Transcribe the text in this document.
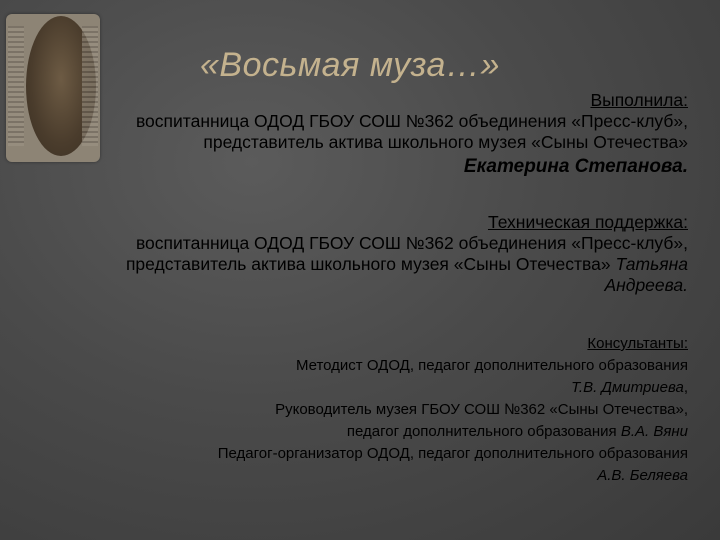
«Восьмая муза…»
Выполнила:
воспитанница ОДОД ГБОУ СОШ №362 объединения «Пресс-клуб»,
представитель актива школьного музея «Сыны Отечества»
Екатерина Степанова.
Техническая поддержка:
воспитанница ОДОД ГБОУ СОШ №362 объединения «Пресс-клуб»,
представитель актива школьного музея «Сыны Отечества» Татьяна
Андреева.
Консультанты:
Методист ОДОД, педагог дополнительного образования
Т.В. Дмитриева,
Руководитель музея ГБОУ СОШ №362 «Сыны Отечества»,
педагог дополнительного образования В.А. Вяни
Педагог-организатор ОДОД, педагог дополнительного образования
А.В. Беляева
